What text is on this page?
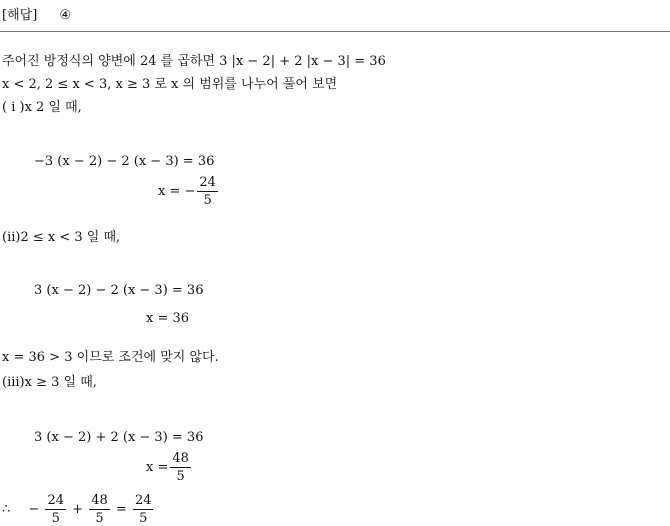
[해답] ④
주어진 방정식의 양변에 24 를 곱하면 3 |x − 2| + 2 |x − 3| = 36
x < 2, 2 ≤ x < 3, x ≥ 3 로 x 의 범위를 나누어 풀어 보면
( i )x 2 일 때,
−3 (x − 2) − 2 (x − 3) = 36
x = − $\frac{24}{5}$
(ii)2 ≤ x < 3 일 때,
3 (x − 2) − 2 (x − 3) = 36
x = 36
x = 36 > 3 이므로 조건에 맞지 않다.
(iii)x ≥ 3 일 때,
3 (x − 2) + 2 (x − 3) = 36
$x = \frac{48}{5}$
∴ − $\frac{24}{5} + \frac{48}{5} = \frac{24}{5}$
